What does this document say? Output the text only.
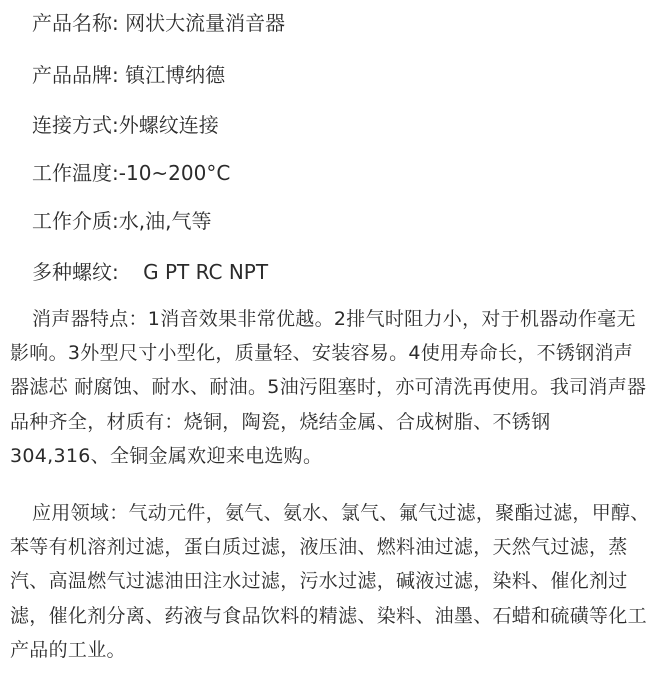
产品名称: 网状大流量消音器
产品品牌: 镇江博纳德
连接方式:外螺纹连接
工作温度:-10~200°C
工作介质:水,油,气等
多种螺纹: G PT RC NPT

消声器特点：1消音效果非常优越。2排气时阻力小，对于机器动作毫无影响。3外型尺寸小型化，质量轻、安装容易。4使用寿命长，不锈钢消声器滤芯 耐腐蚀、耐水、耐油。5油污阻塞时，亦可清洗再使用。我司消声器品种齐全，材质有：烧铜，陶瓷，烧结金属、合成树脂、不锈钢304,316、全铜金属欢迎来电选购。

应用领域：气动元件，氨气、氨水、氯气、氟气过滤，聚酯过滤，甲醇、苯等有机溶剂过滤，蛋白质过滤，液压油、燃料油过滤，天然气过滤，蒸汽、高温燃气过滤油田注水过滤，污水过滤，碱液过滤，染料、催化剂过滤，催化剂分离、药液与食品饮料的精滤、染料、油墨、石蜡和硫磺等化工产品的工业。
